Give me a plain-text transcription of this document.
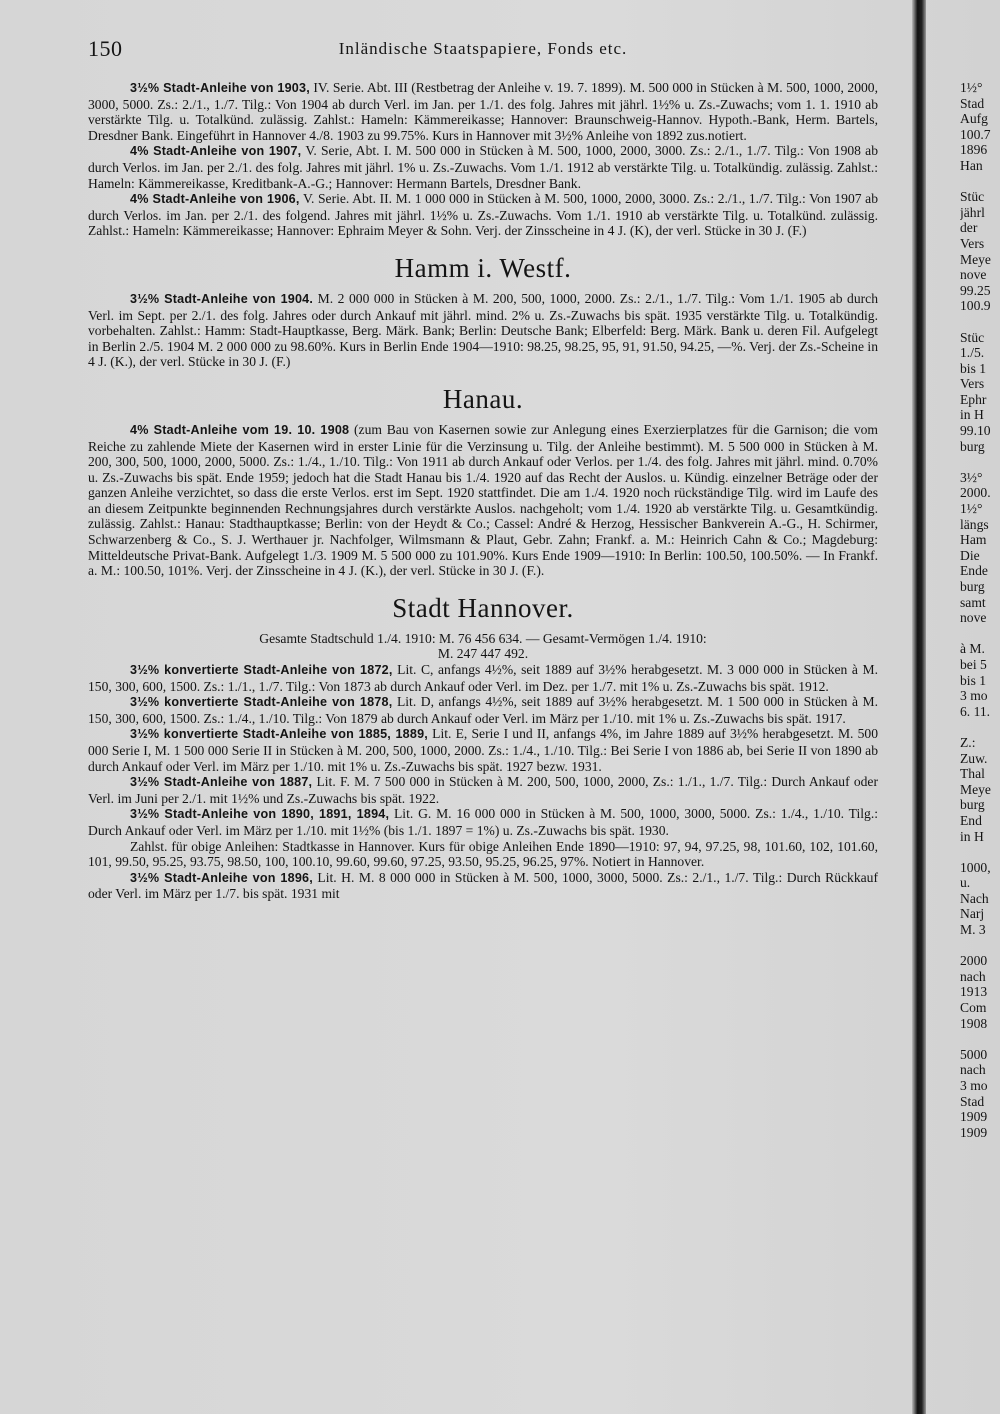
150	Inländische Staatspapiere, Fonds etc.

3½% Stadt-Anleihe von 1903, IV. Serie. Abt. III (Restbetrag der Anleihe v. 19. 7. 1899). M. 500 000 in Stücken à M. 500, 1000, 2000, 3000, 5000. Zs.: 2./1., 1./7. Tilg.: Von 1904 ab durch Verl. im Jan. per 1./1. des folg. Jahres mit jährl. 1½% u. Zs.-Zuwachs; vom 1. 1. 1910 ab verstärkte Tilg. u. Totalkünd. zulässig. Zahlst.: Hameln: Kämmereikasse; Hannover: Braunschweig-Hannov. Hypoth.-Bank, Herm. Bartels, Dresdner Bank. Eingeführt in Hannover 4./8. 1903 zu 99.75%. Kurs in Hannover mit 3½% Anleihe von 1892 zus.notiert.

4% Stadt-Anleihe von 1907, V. Serie, Abt. I. M. 500 000 in Stücken à M. 500, 1000, 2000, 3000. Zs.: 2./1., 1./7. Tilg.: Von 1908 ab durch Verlos. im Jan. per 2./1. des folg. Jahres mit jährl. 1% u. Zs.-Zuwachs. Vom 1./1. 1912 ab verstärkte Tilg. u. Totalkündig. zulässig. Zahlst.: Hameln: Kämmereikasse, Kreditbank-A.-G.; Hannover: Hermann Bartels, Dresdner Bank.

4% Stadt-Anleihe von 1906, V. Serie. Abt. II. M. 1 000 000 in Stücken à M. 500, 1000, 2000, 3000. Zs.: 2./1., 1./7. Tilg.: Von 1907 ab durch Verlos. im Jan. per 2./1. des folgend. Jahres mit jährl. 1½% u. Zs.-Zuwachs. Vom 1./1. 1910 ab verstärkte Tilg. u. Totalkünd. zulässig. Zahlst.: Hameln: Kämmereikasse; Hannover: Ephraim Meyer & Sohn. Verj. der Zinsscheine in 4 J. (K), der verl. Stücke in 30 J. (F.)

Hamm i. Westf.

3½% Stadt-Anleihe von 1904. M. 2 000 000 in Stücken à M. 200, 500, 1000, 2000. Zs.: 2./1., 1./7. Tilg.: Vom 1./1. 1905 ab durch Verl. im Sept. per 2./1. des folg. Jahres oder durch Ankauf mit jährl. mind. 2% u. Zs.-Zuwachs bis spät. 1935 verstärkte Tilg. u. Totalkündig. vorbehalten. Zahlst.: Hamm: Stadt-Hauptkasse, Berg. Märk. Bank; Berlin: Deutsche Bank; Elberfeld: Berg. Märk. Bank u. deren Fil. Aufgelegt in Berlin 2./5. 1904 M. 2 000 000 zu 98.60%. Kurs in Berlin Ende 1904—1910: 98.25, 98.25, 95, 91, 91.50, 94.25, —%. Verj. der Zs.-Scheine in 4 J. (K.), der verl. Stücke in 30 J. (F.)

Hanau.

4% Stadt-Anleihe vom 19. 10. 1908 (zum Bau von Kasernen sowie zur Anlegung eines Exerzierplatzes für die Garnison; die vom Reiche zu zahlende Miete der Kasernen wird in erster Linie für die Verzinsung u. Tilg. der Anleihe bestimmt). M. 5 500 000 in Stücken à M. 200, 300, 500, 1000, 2000, 5000. Zs.: 1./4., 1./10. Tilg.: Von 1911 ab durch Ankauf oder Verlos. per 1./4. des folg. Jahres mit jährl. mind. 0.70% u. Zs.-Zuwachs bis spät. Ende 1959; jedoch hat die Stadt Hanau bis 1./4. 1920 auf das Recht der Auslos. u. Kündig. einzelner Beträge oder der ganzen Anleihe verzichtet, so dass die erste Verlos. erst im Sept. 1920 stattfindet. Die am 1./4. 1920 noch rückständige Tilg. wird im Laufe des an diesem Zeitpunkte beginnenden Rechnungsjahres durch verstärkte Auslos. nachgeholt; vom 1./4. 1920 ab verstärkte Tilg. u. Gesamtkündig. zulässig. Zahlst.: Hanau: Stadthauptkasse; Berlin: von der Heydt & Co.; Cassel: André & Herzog, Hessischer Bankverein A.-G., H. Schirmer, Schwarzenberg & Co., S. J. Werthauer jr. Nachfolger, Wilmsmann & Plaut, Gebr. Zahn; Frankf. a. M.: Heinrich Cahn & Co.; Magdeburg: Mitteldeutsche Privat-Bank. Aufgelegt 1./3. 1909 M. 5 500 000 zu 101.90%. Kurs Ende 1909—1910: In Berlin: 100.50, 100.50%. — In Frankf. a. M.: 100.50, 101%. Verj. der Zinsscheine in 4 J. (K.), der verl. Stücke in 30 J. (F.).

Stadt Hannover.

Gesamte Stadtschuld 1./4. 1910: M. 76 456 634. — Gesamt-Vermögen 1./4. 1910:

M. 247 447 492.

3½% konvertierte Stadt-Anleihe von 1872, Lit. C, anfangs 4½%, seit 1889 auf 3½% herabgesetzt. M. 3 000 000 in Stücken à M. 150, 300, 600, 1500. Zs.: 1./1., 1./7. Tilg.: Von 1873 ab durch Ankauf oder Verl. im Dez. per 1./7. mit 1% u. Zs.-Zuwachs bis spät. 1912.

3½% konvertierte Stadt-Anleihe von 1878, Lit. D, anfangs 4½%, seit 1889 auf 3½% herabgesetzt. M. 1 500 000 in Stücken à M. 150, 300, 600, 1500. Zs.: 1./4., 1./10. Tilg.: Von 1879 ab durch Ankauf oder Verl. im März per 1./10. mit 1% u. Zs.-Zuwachs bis spät. 1917.

3½% konvertierte Stadt-Anleihe von 1885, 1889, Lit. E, Serie I und II, anfangs 4%, im Jahre 1889 auf 3½% herabgesetzt. M. 500 000 Serie I, M. 1 500 000 Serie II in Stücken à M. 200, 500, 1000, 2000. Zs.: 1./4., 1./10. Tilg.: Bei Serie I von 1886 ab, bei Serie II von 1890 ab durch Ankauf oder Verl. im März per 1./10. mit 1% u. Zs.-Zuwachs bis spät. 1927 bezw. 1931.

3½% Stadt-Anleihe von 1887, Lit. F. M. 7 500 000 in Stücken à M. 200, 500, 1000, 2000, Zs.: 1./1., 1./7. Tilg.: Durch Ankauf oder Verl. im Juni per 2./1. mit 1½% und Zs.-Zuwachs bis spät. 1922.

3½% Stadt-Anleihe von 1890, 1891, 1894, Lit. G. M. 16 000 000 in Stücken à M. 500, 1000, 3000, 5000. Zs.: 1./4., 1./10. Tilg.: Durch Ankauf oder Verl. im März per 1./10. mit 1½% (bis 1./1. 1897 = 1%) u. Zs.-Zuwachs bis spät. 1930.

Zahlst. für obige Anleihen: Stadtkasse in Hannover. Kurs für obige Anleihen Ende 1890—1910: 97, 94, 97.25, 98, 101.60, 102, 101.60, 101, 99.50, 95.25, 93.75, 98.50, 100, 100.10, 99.60, 99.60, 97.25, 93.50, 95.25, 96.25, 97%. Notiert in Hannover.

3½% Stadt-Anleihe von 1896, Lit. H. M. 8 000 000 in Stücken à M. 500, 1000, 3000, 5000. Zs.: 2./1., 1./7. Tilg.: Durch Rückkauf oder Verl. im März per 1./7. bis spät. 1931 mit

1½°
Stad
Aufg
100.7
1896
Han
Stüc
jährl
der
Vers
Meye
nove
99.25
100.9
Stüc
1./5.
bis 1
Vers
Ephr
in H
99.10
burg
3½°
2000.
1½°
längs
Ham
Die
Ende
burg
samt
nove
à M.
bei 5
bis 1
3 mo
6. 11.
Z.:
Zuw.
Thal
Meye
burg
End
in H
1000,
u.
Nach
Narj
M. 3
2000
nach
1913
Com
1908
5000
nach
3 mo
Stad
1909
1909
